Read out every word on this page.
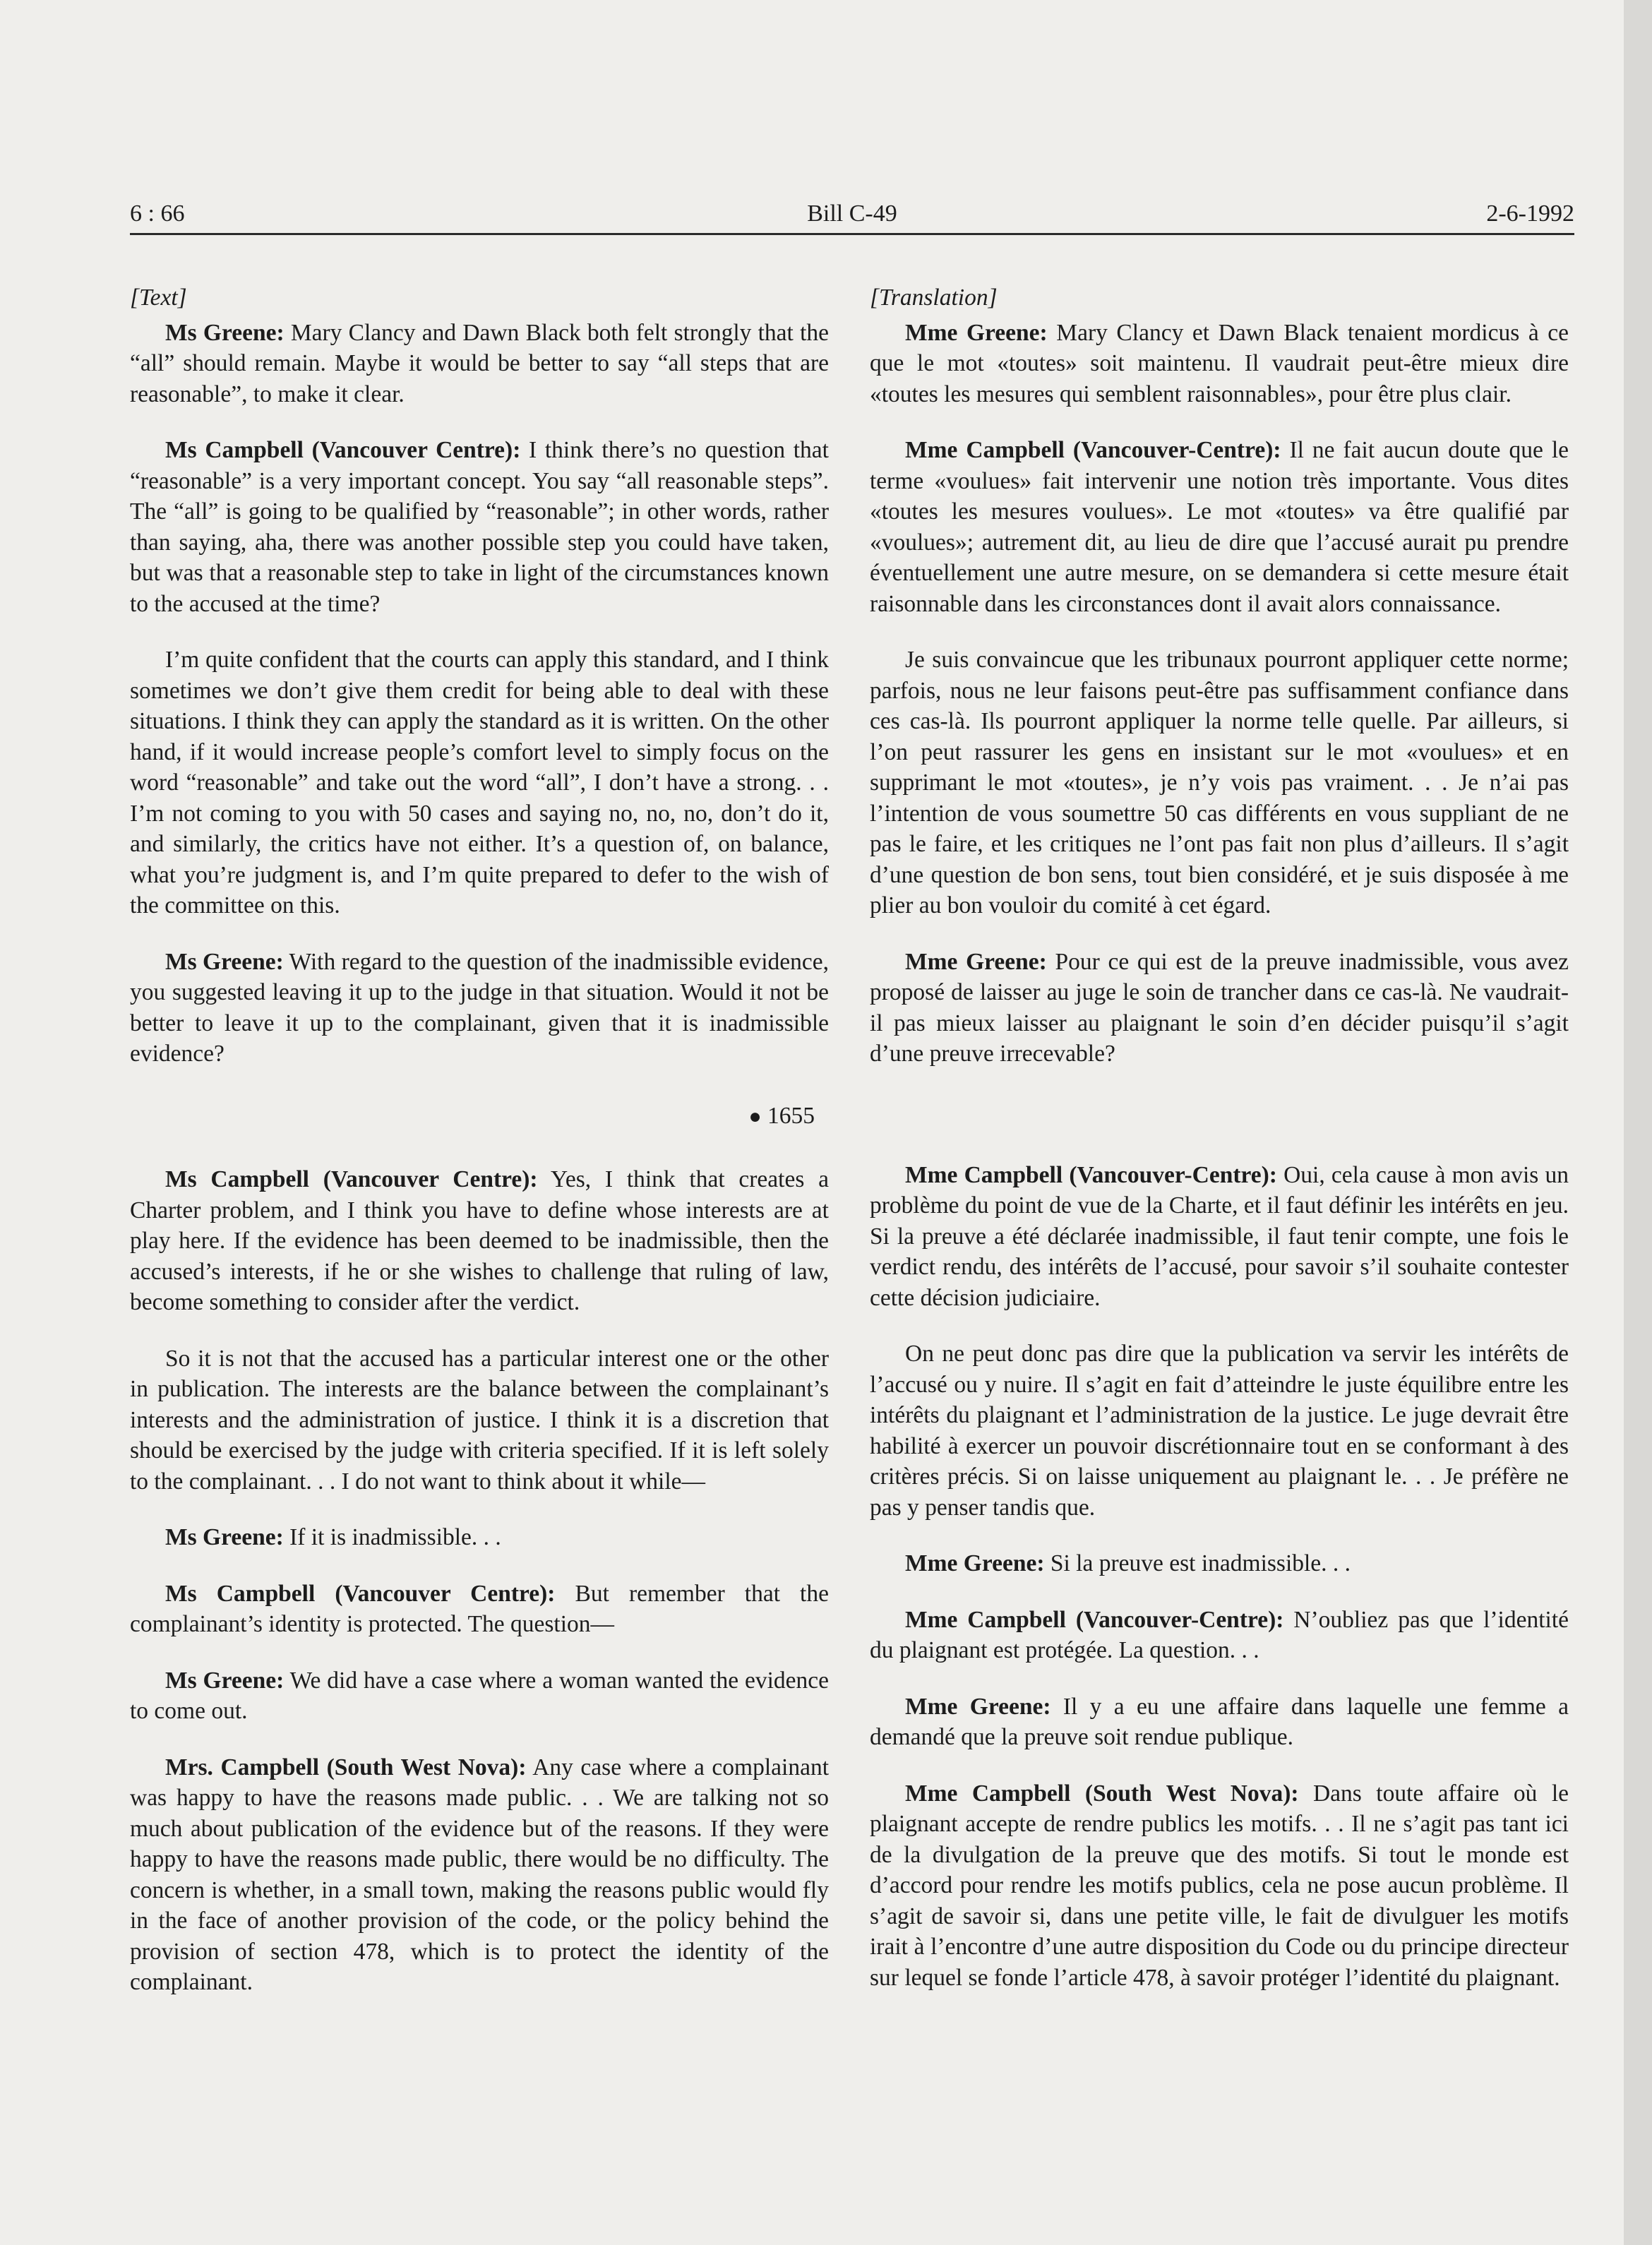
6 : 66	Bill C-49	2-6-1992
[Text]
Ms Greene: Mary Clancy and Dawn Black both felt strongly that the “all” should remain. Maybe it would be better to say “all steps that are reasonable”, to make it clear.
Ms Campbell (Vancouver Centre): I think there’s no question that “reasonable” is a very important concept. You say “all reasonable steps”. The “all” is going to be qualified by “reasonable”; in other words, rather than saying, aha, there was another possible step you could have taken, but was that a reasonable step to take in light of the circumstances known to the accused at the time?
I’m quite confident that the courts can apply this standard, and I think sometimes we don’t give them credit for being able to deal with these situations. I think they can apply the standard as it is written. On the other hand, if it would increase people’s comfort level to simply focus on the word “reasonable” and take out the word “all”, I don’t have a strong. . . I’m not coming to you with 50 cases and saying no, no, no, don’t do it, and similarly, the critics have not either. It’s a question of, on balance, what you’re judgment is, and I’m quite prepared to defer to the wish of the committee on this.
Ms Greene: With regard to the question of the inadmissible evidence, you suggested leaving it up to the judge in that situation. Would it not be better to leave it up to the complainant, given that it is inadmissible evidence?
● 1655
Ms Campbell (Vancouver Centre): Yes, I think that creates a Charter problem, and I think you have to define whose interests are at play here. If the evidence has been deemed to be inadmissible, then the accused’s interests, if he or she wishes to challenge that ruling of law, become something to consider after the verdict.
So it is not that the accused has a particular interest one or the other in publication. The interests are the balance between the complainant’s interests and the administration of justice. I think it is a discretion that should be exercised by the judge with criteria specified. If it is left solely to the complainant. . . I do not want to think about it while—
Ms Greene: If it is inadmissible. . .
Ms Campbell (Vancouver Centre): But remember that the complainant’s identity is protected. The question—
Ms Greene: We did have a case where a woman wanted the evidence to come out.
Mrs. Campbell (South West Nova): Any case where a complainant was happy to have the reasons made public. . . We are talking not so much about publication of the evidence but of the reasons. If they were happy to have the reasons made public, there would be no difficulty. The concern is whether, in a small town, making the reasons public would fly in the face of another provision of the code, or the policy behind the provision of section 478, which is to protect the identity of the complainant.
[Translation]
Mme Greene: Mary Clancy et Dawn Black tenaient mordicus à ce que le mot «toutes» soit maintenu. Il vaudrait peut-être mieux dire «toutes les mesures qui semblent raisonnables», pour être plus clair.
Mme Campbell (Vancouver-Centre): Il ne fait aucun doute que le terme «voulues» fait intervenir une notion très importante. Vous dites «toutes les mesures voulues». Le mot «toutes» va être qualifié par «voulues»; autrement dit, au lieu de dire que l’accusé aurait pu prendre éventuellement une autre mesure, on se demandera si cette mesure était raisonnable dans les circonstances dont il avait alors connaissance.
Je suis convaincue que les tribunaux pourront appliquer cette norme; parfois, nous ne leur faisons peut-être pas suffisamment confiance dans ces cas-là. Ils pourront appliquer la norme telle quelle. Par ailleurs, si l’on peut rassurer les gens en insistant sur le mot «voulues» et en supprimant le mot «toutes», je n’y vois pas vraiment. . . Je n’ai pas l’intention de vous soumettre 50 cas différents en vous suppliant de ne pas le faire, et les critiques ne l’ont pas fait non plus d’ailleurs. Il s’agit d’une question de bon sens, tout bien considéré, et je suis disposée à me plier au bon vouloir du comité à cet égard.
Mme Greene: Pour ce qui est de la preuve inadmissible, vous avez proposé de laisser au juge le soin de trancher dans ce cas-là. Ne vaudrait-il pas mieux laisser au plaignant le soin d’en décider puisqu’il s’agit d’une preuve irrecevable?
Mme Campbell (Vancouver-Centre): Oui, cela cause à mon avis un problème du point de vue de la Charte, et il faut définir les intérêts en jeu. Si la preuve a été déclarée inadmissible, il faut tenir compte, une fois le verdict rendu, des intérêts de l’accusé, pour savoir s’il souhaite contester cette décision judiciaire.
On ne peut donc pas dire que la publication va servir les intérêts de l’accusé ou y nuire. Il s’agit en fait d’atteindre le juste équilibre entre les intérêts du plaignant et l’administration de la justice. Le juge devrait être habilité à exercer un pouvoir discrétionnaire tout en se conformant à des critères précis. Si on laisse uniquement au plaignant le. . . Je préfère ne pas y penser tandis que.
Mme Greene: Si la preuve est inadmissible. . .
Mme Campbell (Vancouver-Centre): N’oubliez pas que l’identité du plaignant est protégée. La question. . .
Mme Greene: Il y a eu une affaire dans laquelle une femme a demandé que la preuve soit rendue publique.
Mme Campbell (South West Nova): Dans toute affaire où le plaignant accepte de rendre publics les motifs. . . Il ne s’agit pas tant ici de la divulgation de la preuve que des motifs. Si tout le monde est d’accord pour rendre les motifs publics, cela ne pose aucun problème. Il s’agit de savoir si, dans une petite ville, le fait de divulguer les motifs irait à l’encontre d’une autre disposition du Code ou du principe directeur sur lequel se fonde l’article 478, à savoir protéger l’identité du plaignant.
